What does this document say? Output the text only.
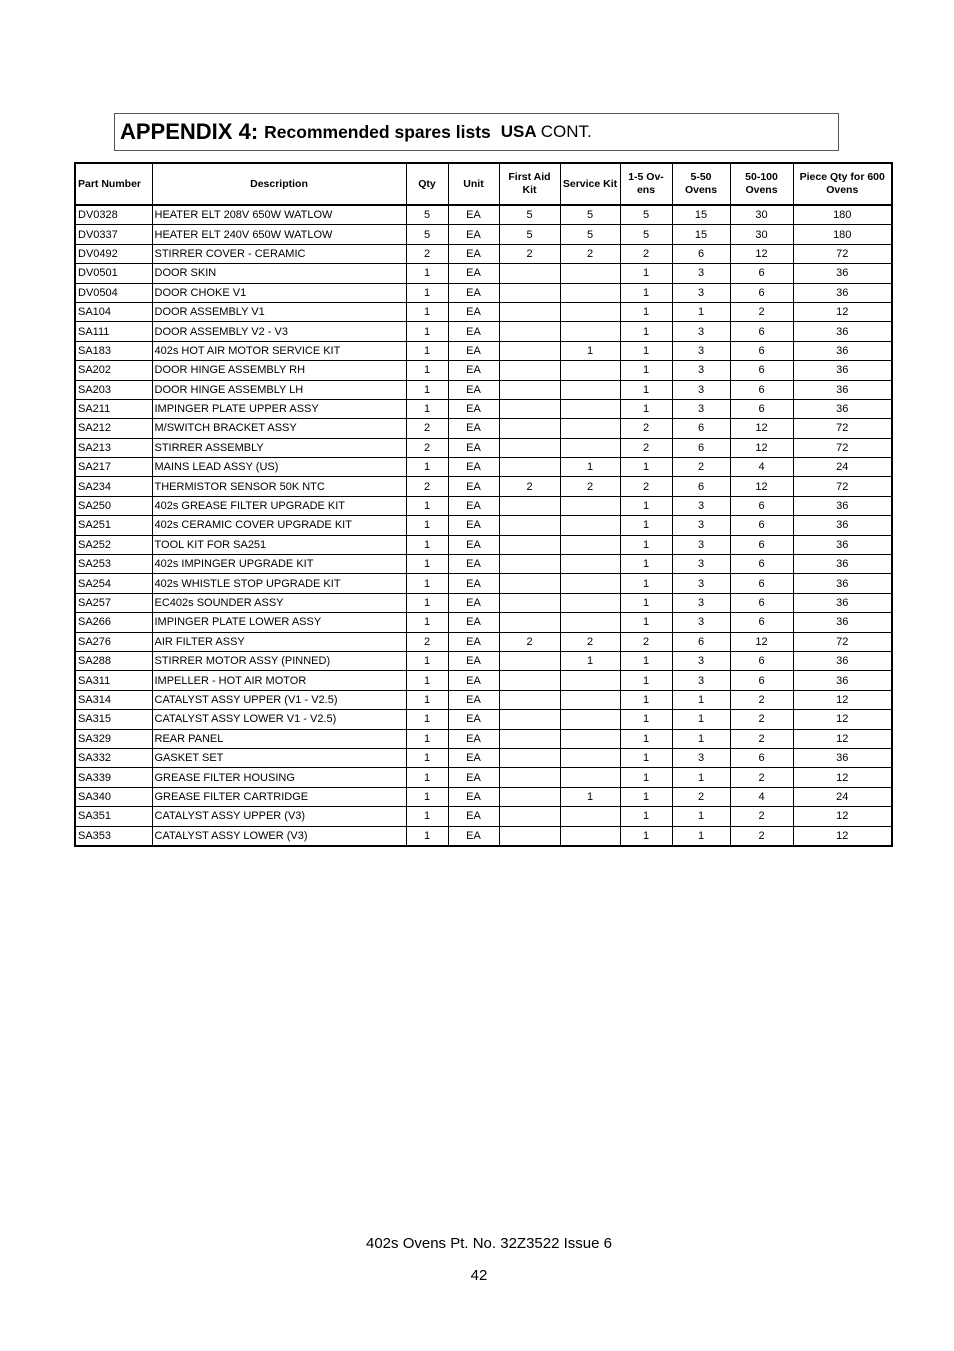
APPENDIX 4: Recommended spares lists USA CONT.
Part Number	Description	Qty	Unit	First Aid Kit	Service Kit	1-5 Ov-ens	5-50 Ovens	50-100 Ovens	Piece Qty for 600 Ovens
DV0328	HEATER ELT 208V 650W WATLOW	5	EA	5	5	5	15	30	180
DV0337	HEATER ELT 240V 650W WATLOW	5	EA	5	5	5	15	30	180
DV0492	STIRRER COVER - CERAMIC	2	EA	2	2	2	6	12	72
DV0501	DOOR SKIN	1	EA			1	3	6	36
DV0504	DOOR CHOKE V1	1	EA			1	3	6	36
SA104	DOOR ASSEMBLY V1	1	EA			1	1	2	12
SA111	DOOR ASSEMBLY V2 - V3	1	EA			1	3	6	36
SA183	402s HOT AIR MOTOR SERVICE KIT	1	EA		1	1	3	6	36
SA202	DOOR HINGE ASSEMBLY RH	1	EA			1	3	6	36
SA203	DOOR HINGE ASSEMBLY LH	1	EA			1	3	6	36
SA211	IMPINGER PLATE UPPER ASSY	1	EA			1	3	6	36
SA212	M/SWITCH BRACKET ASSY	2	EA			2	6	12	72
SA213	STIRRER ASSEMBLY	2	EA			2	6	12	72
SA217	MAINS LEAD ASSY (US)	1	EA		1	1	2	4	24
SA234	THERMISTOR SENSOR 50K NTC	2	EA	2	2	2	6	12	72
SA250	402s GREASE FILTER UPGRADE KIT	1	EA			1	3	6	36
SA251	402s CERAMIC COVER UPGRADE KIT	1	EA			1	3	6	36
SA252	TOOL KIT FOR SA251	1	EA			1	3	6	36
SA253	402s IMPINGER UPGRADE KIT	1	EA			1	3	6	36
SA254	402s WHISTLE STOP UPGRADE KIT	1	EA			1	3	6	36
SA257	EC402s SOUNDER ASSY	1	EA			1	3	6	36
SA266	IMPINGER PLATE LOWER ASSY	1	EA			1	3	6	36
SA276	AIR FILTER ASSY	2	EA	2	2	2	6	12	72
SA288	STIRRER MOTOR ASSY (PINNED)	1	EA		1	1	3	6	36
SA311	IMPELLER - HOT AIR MOTOR	1	EA			1	3	6	36
SA314	CATALYST ASSY UPPER (V1 - V2.5)	1	EA			1	1	2	12
SA315	CATALYST ASSY LOWER V1 - V2.5)	1	EA			1	1	2	12
SA329	REAR PANEL	1	EA			1	1	2	12
SA332	GASKET SET	1	EA			1	3	6	36
SA339	GREASE FILTER HOUSING	1	EA			1	1	2	12
SA340	GREASE FILTER CARTRIDGE	1	EA		1	1	2	4	24
SA351	CATALYST ASSY UPPER (V3)	1	EA			1	1	2	12
SA353	CATALYST ASSY LOWER (V3)	1	EA			1	1	2	12
402s Ovens Pt. No. 32Z3522 Issue 6
42
